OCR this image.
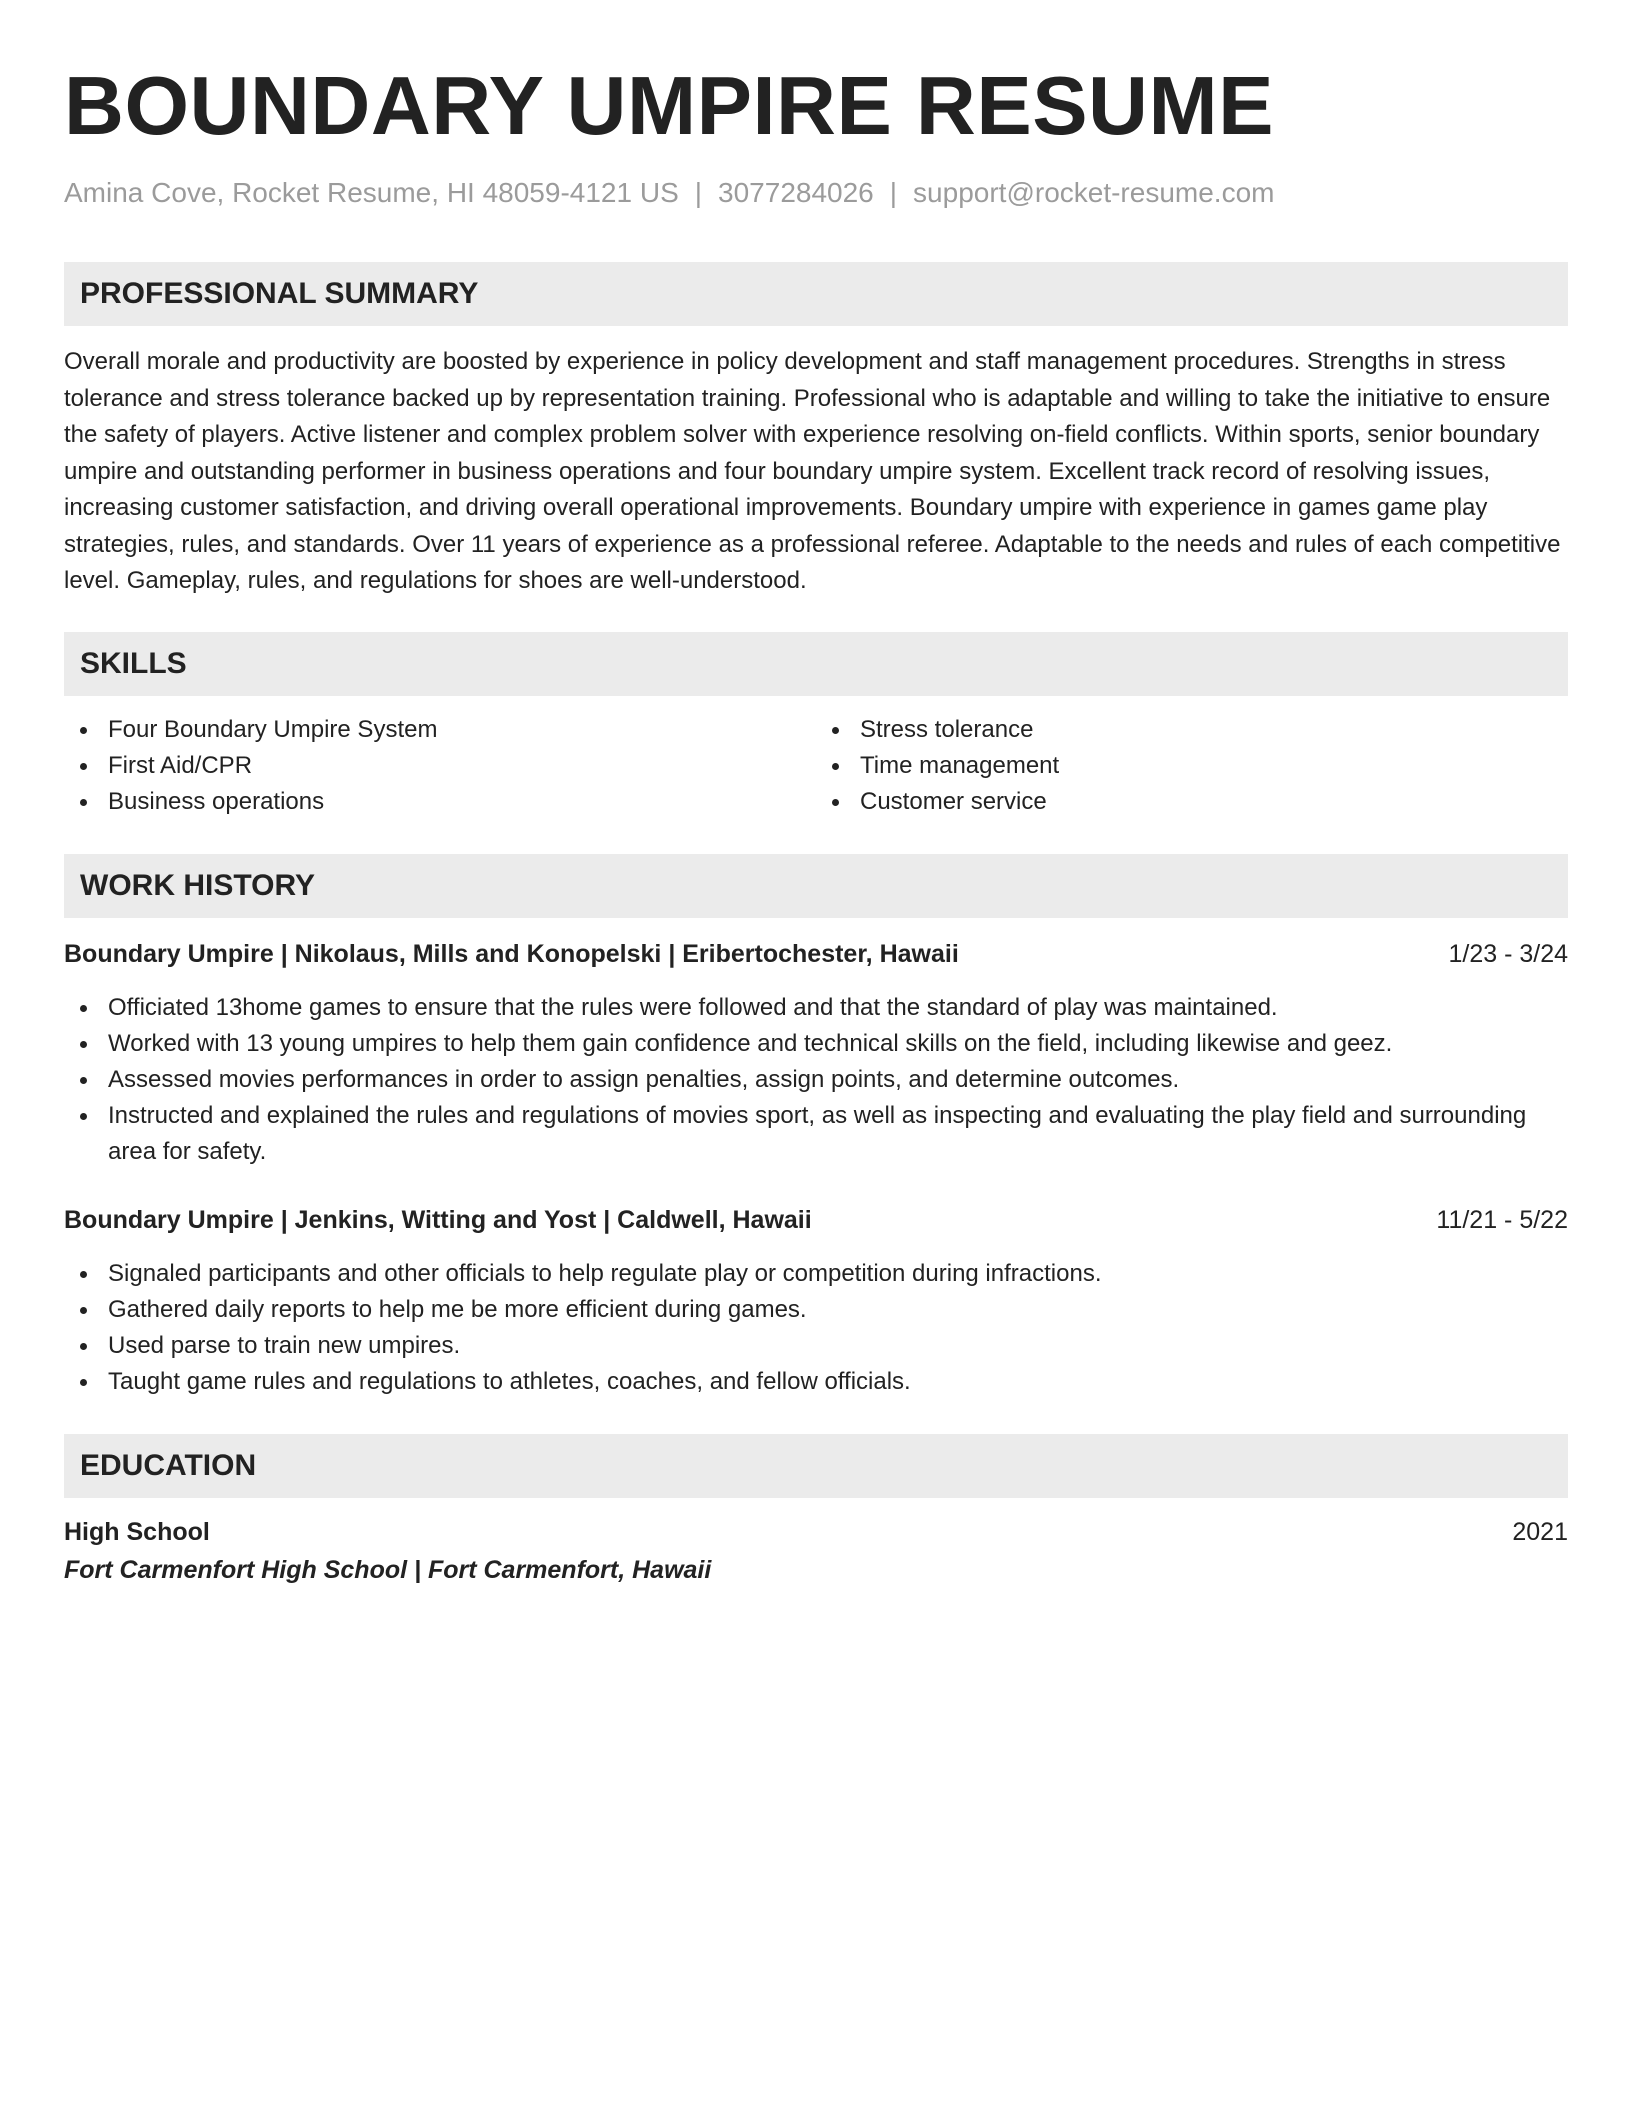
BOUNDARY UMPIRE RESUME
Amina Cove, Rocket Resume, HI 48059-4121 US | 3077284026 | support@rocket-resume.com
PROFESSIONAL SUMMARY

Overall morale and productivity are boosted by experience in policy development and staff management procedures. Strengths in stress tolerance and stress tolerance backed up by representation training. Professional who is adaptable and willing to take the initiative to ensure the safety of players. Active listener and complex problem solver with experience resolving on-field conflicts. Within sports, senior boundary umpire and outstanding performer in business operations and four boundary umpire system. Excellent track record of resolving issues, increasing customer satisfaction, and driving overall operational improvements. Boundary umpire with experience in games game play strategies, rules, and standards. Over 11 years of experience as a professional referee. Adaptable to the needs and rules of each competitive level. Gameplay, rules, and regulations for shoes are well-understood.

SKILLS
Four Boundary Umpire System
First Aid/CPR
Business operations
Stress tolerance
Time management
Customer service
WORK HISTORY
Boundary Umpire | Nikolaus, Mills and Konopelski | Eribertochester, Hawaii	1/23 - 3/24
Officiated 13home games to ensure that the rules were followed and that the standard of play was maintained.
Worked with 13 young umpires to help them gain confidence and technical skills on the field, including likewise and geez.
Assessed movies performances in order to assign penalties, assign points, and determine outcomes.
Instructed and explained the rules and regulations of movies sport, as well as inspecting and evaluating the play field and surrounding area for safety.
Boundary Umpire | Jenkins, Witting and Yost | Caldwell, Hawaii	11/21 - 5/22
Signaled participants and other officials to help regulate play or competition during infractions.
Gathered daily reports to help me be more efficient during games.
Used parse to train new umpires.
Taught game rules and regulations to athletes, coaches, and fellow officials.
EDUCATION
High School	2021
Fort Carmenfort High School | Fort Carmenfort, Hawaii
